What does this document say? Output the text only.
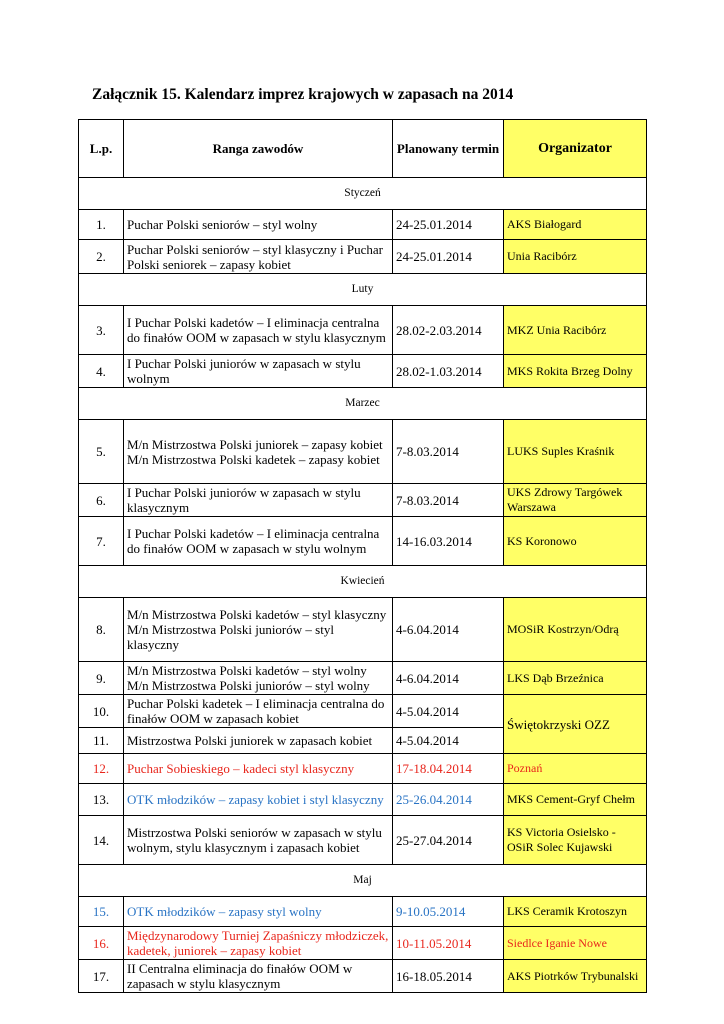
Załącznik 15. Kalendarz imprez krajowych w zapasach na 2014
L.p.	Ranga zawodów	Planowany termin	Organizator
Styczeń			
1.	Puchar Polski seniorów – styl wolny	24-25.01.2014	AKS Białogard
2.	Puchar Polski seniorów – styl klasyczny i Puchar Polski seniorek – zapasy kobiet	24-25.01.2014	Unia Racibórz
Luty			
3.	I Puchar Polski kadetów – I eliminacja centralna do finałów OOM w zapasach w stylu klasycznym	28.02-2.03.2014	MKZ Unia Racibórz
4.	I Puchar Polski juniorów w zapasach w stylu wolnym	28.02-1.03.2014	MKS Rokita Brzeg Dolny
Marzec			
5.	M/n Mistrzostwa Polski juniorek – zapasy kobiet M/n Mistrzostwa Polski kadetek – zapasy kobiet	7-8.03.2014	LUKS Suples Kraśnik
6.	I Puchar Polski juniorów w zapasach w stylu klasycznym	7-8.03.2014	UKS Zdrowy Targówek Warszawa
7.	I Puchar Polski kadetów – I eliminacja centralna do finałów OOM w zapasach w stylu wolnym	14-16.03.2014	KS Koronowo
Kwiecień			
8.	M/n Mistrzostwa Polski kadetów – styl klasyczny M/n Mistrzostwa Polski juniorów – styl klasyczny	4-6.04.2014	MOSiR Kostrzyn/Odrą
9.	M/n Mistrzostwa Polski kadetów – styl wolny M/n Mistrzostwa Polski juniorów – styl wolny	4-6.04.2014	LKS Dąb Brzeźnica
10.	Puchar Polski kadetek – I eliminacja centralna do finałów OOM w zapasach kobiet	4-5.04.2014	Świętokrzyski OZZ
11.	Mistrzostwa Polski juniorek w zapasach kobiet	4-5.04.2014	
12.	Puchar Sobieskiego – kadeci styl klasyczny	17-18.04.2014	Poznań
13.	OTK młodzików – zapasy kobiet i styl klasyczny	25-26.04.2014	MKS Cement-Gryf Chełm
14.	Mistrzostwa Polski seniorów w zapasach w stylu wolnym, stylu klasycznym i zapasach kobiet	25-27.04.2014	KS Victoria Osielsko - OSiR Solec Kujawski
Maj			
15.	OTK młodzików – zapasy styl wolny	9-10.05.2014	LKS Ceramik Krotoszyn
16.	Międzynarodowy Turniej Zapaśniczy młodziczek, kadetek, juniorek – zapasy kobiet	10-11.05.2014	Siedlce Iganie Nowe
17.	II Centralna eliminacja do finałów OOM w zapasach w stylu klasycznym	16-18.05.2014	AKS Piotrków Trybunalski
